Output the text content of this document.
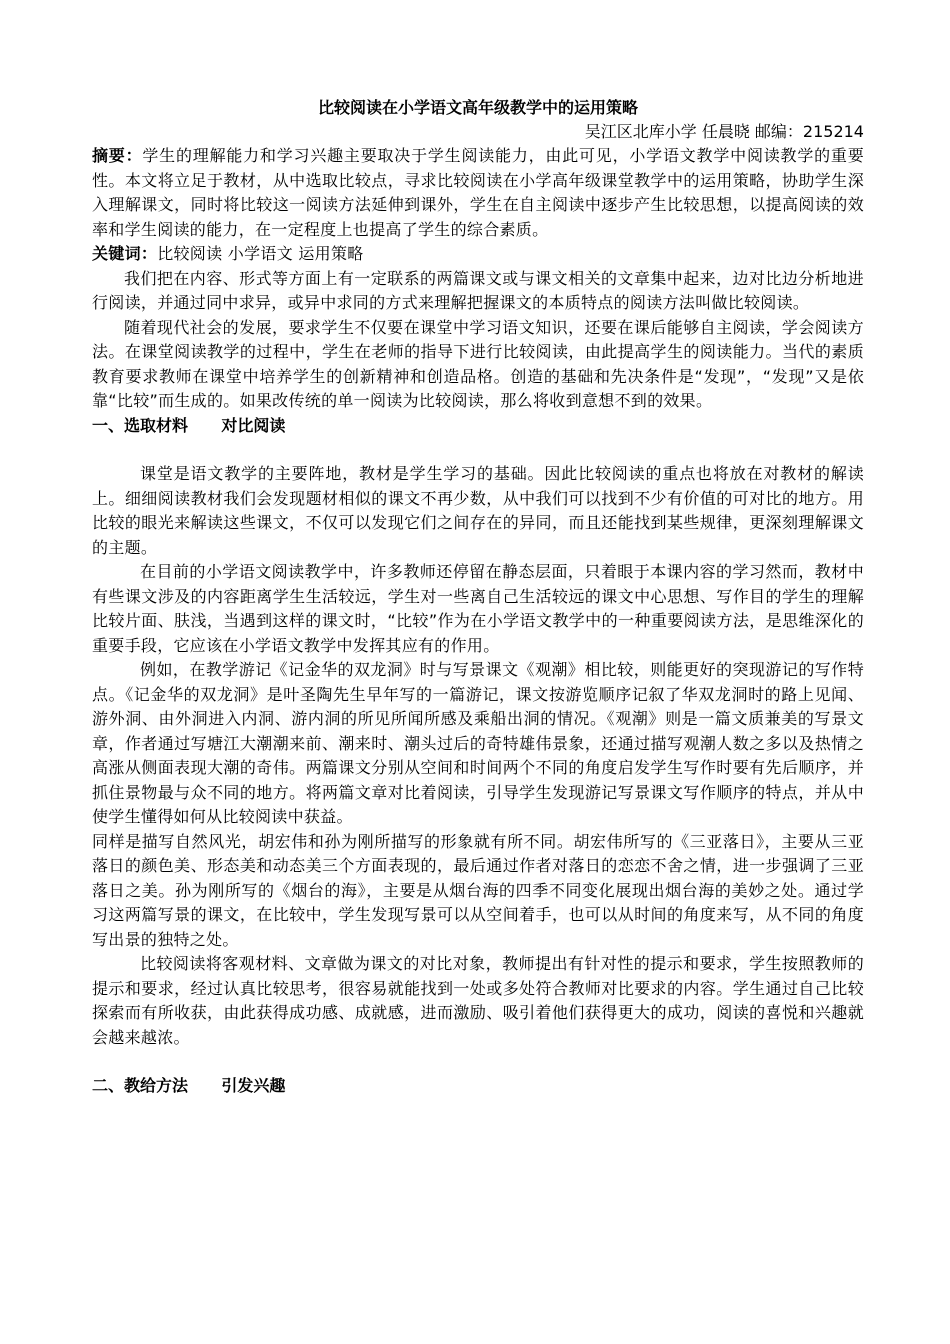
比较阅读在小学语文高年级教学中的运用策略
吴江区北库小学 任晨晓 邮编：215214

摘要：学生的理解能力和学习兴趣主要取决于学生阅读能力，由此可见，小学语文教学中阅读教学的重要性。本文将立足于教材，从中选取比较点，寻求比较阅读在小学高年级课堂教学中的运用策略，协助学生深入理解课文，同时将比较这一阅读方法延伸到课外，学生在自主阅读中逐步产生比较思想，以提高阅读的效率和学生阅读的能力，在一定程度上也提高了学生的综合素质。

关键词：比较阅读 小学语文 运用策略

我们把在内容、形式等方面上有一定联系的两篇课文或与课文相关的文章集中起来，边对比边分析地进行阅读，并通过同中求异，或异中求同的方式来理解把握课文的本质特点的阅读方法叫做比较阅读。

随着现代社会的发展，要求学生不仅要在课堂中学习语文知识，还要在课后能够自主阅读，学会阅读方法。在课堂阅读教学的过程中，学生在老师的指导下进行比较阅读，由此提高学生的阅读能力。当代的素质教育要求教师在课堂中培养学生的创新精神和创造品格。创造的基础和先决条件是“发现”，“发现”又是依靠“比较”而生成的。如果改传统的单一阅读为比较阅读，那么将收到意想不到的效果。

一、选取材料      对比阅读

课堂是语文教学的主要阵地，教材是学生学习的基础。因此比较阅读的重点也将放在对教材的解读上。细细阅读教材我们会发现题材相似的课文不再少数，从中我们可以找到不少有价值的可对比的地方。用比较的眼光来解读这些课文，不仅可以发现它们之间存在的异同，而且还能找到某些规律，更深刻理解课文的主题。

在目前的小学语文阅读教学中，许多教师还停留在静态层面，只着眼于本课内容的学习然而，教材中有些课文涉及的内容距离学生生活较远，学生对一些离自己生活较远的课文中心思想、写作目的学生的理解比较片面、肤浅，当遇到这样的课文时，“比较”作为在小学语文教学中的一种重要阅读方法，是思维深化的重要手段，它应该在小学语文教学中发挥其应有的作用。

例如，在教学游记《记金华的双龙洞》时与写景课文《观潮》相比较，则能更好的突现游记的写作特点。《记金华的双龙洞》是叶圣陶先生早年写的一篇游记，课文按游览顺序记叙了华双龙洞时的路上见闻、游外洞、由外洞进入内洞、游内洞的所见所闻所感及乘船出洞的情况。《观潮》则是一篇文质兼美的写景文章，作者通过写塘江大潮潮来前、潮来时、潮头过后的奇特雄伟景象，还通过描写观潮人数之多以及热情之高涨从侧面表现大潮的奇伟。两篇课文分别从空间和时间两个不同的角度启发学生写作时要有先后顺序，并抓住景物最与众不同的地方。将两篇文章对比着阅读，引导学生发现游记写景课文写作顺序的特点，并从中使学生懂得如何从比较阅读中获益。

同样是描写自然风光，胡宏伟和孙为刚所描写的形象就有所不同。胡宏伟所写的《三亚落日》，主要从三亚落日的颜色美、形态美和动态美三个方面表现的，最后通过作者对落日的恋恋不舍之情，进一步强调了三亚落日之美。孙为刚所写的《烟台的海》，主要是从烟台海的四季不同变化展现出烟台海的美妙之处。通过学习这两篇写景的课文，在比较中，学生发现写景可以从空间着手，也可以从时间的角度来写，从不同的角度写出景的独特之处。

比较阅读将客观材料、文章做为课文的对比对象，教师提出有针对性的提示和要求，学生按照教师的提示和要求，经过认真比较思考，很容易就能找到一处或多处符合教师对比要求的内容。学生通过自己比较探索而有所收获，由此获得成功感、成就感，进而激励、吸引着他们获得更大的成功，阅读的喜悦和兴趣就会越来越浓。

二、教给方法      引发兴趣
